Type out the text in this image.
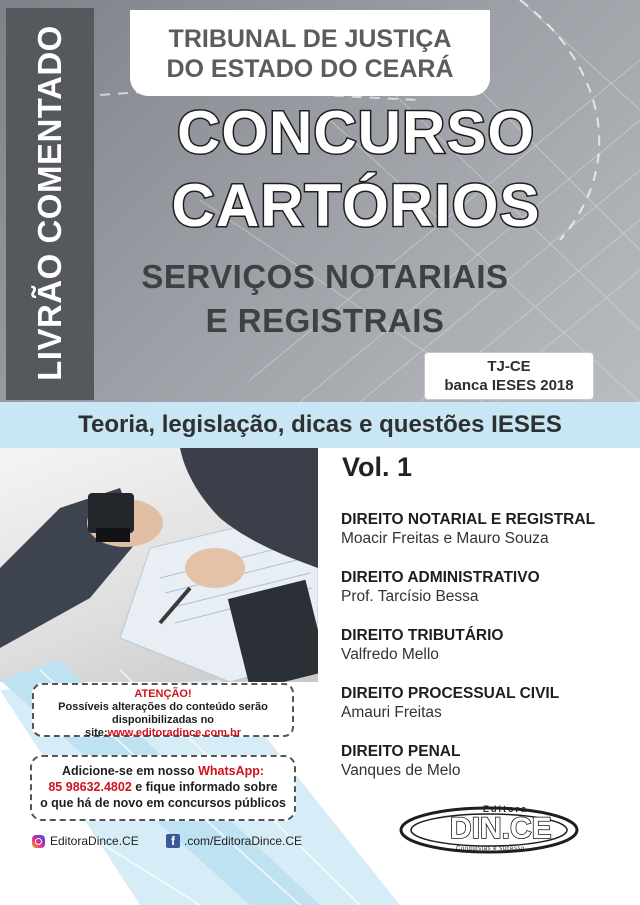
LIVRÃO COMENTADO	TRIBUNAL DE JUSTIÇA
DO ESTADO DO CEARÁ
CONCURSO
CARTÓRIOS
SERVIÇOS NOTARIAIS
E REGISTRAIS
TJ-CE
banca IESES 2018
Teoria, legislação, dicas e questões IESES
Vol. 1
DIREITO NOTARIAL E REGISTRAL
Moacir Freitas e Mauro Souza
DIREITO ADMINISTRATIVO
Prof. Tarcísio Bessa
DIREITO TRIBUTÁRIO
Valfredo Mello
DIREITO PROCESSUAL CIVIL
Amauri Freitas
DIREITO PENAL
Vanques de Melo
ATENÇÃO!
Possíveis alterações do conteúdo serão
disponibilizadas no site:www.editoradince.com.br
Adicione-se em nosso WhatsApp:
85 98632.4802 e fique informado sobre
o que há de novo em concursos públicos
EditoraDince.CE	f .com/EditoraDince.CE
Editora
DIN.CE
Conquistas e sucesso
